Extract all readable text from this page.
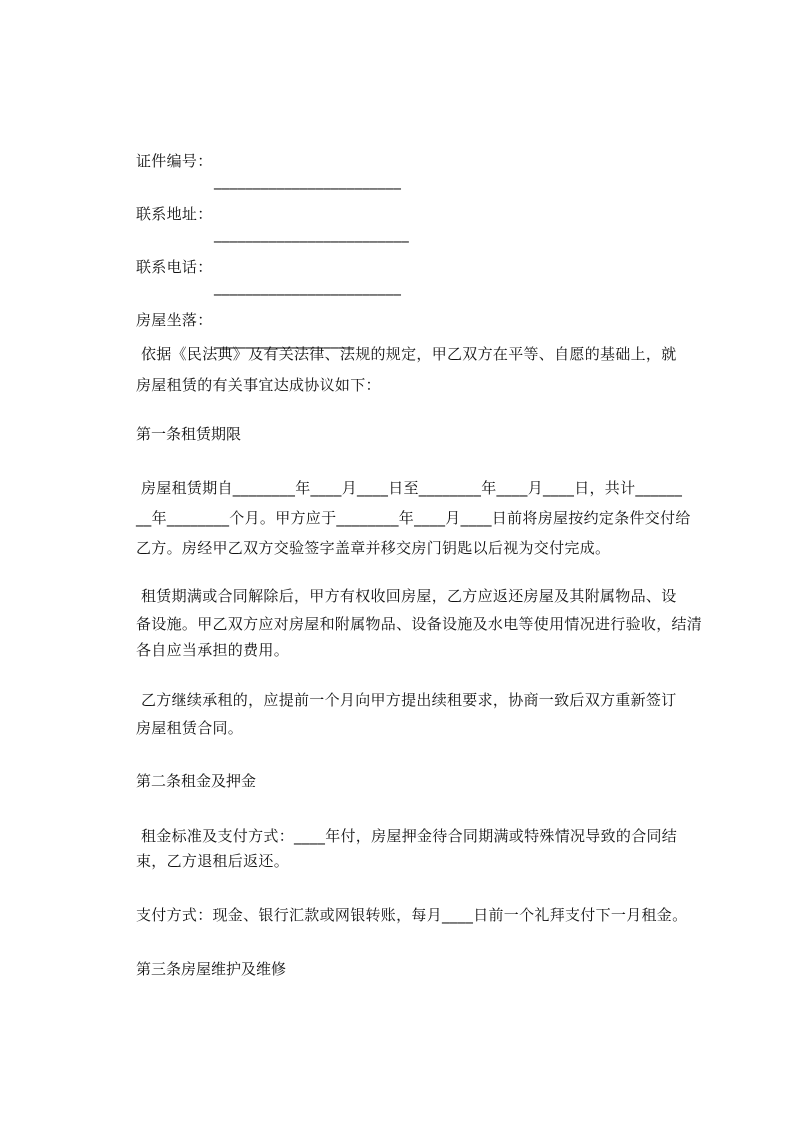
证件编号：

________________________

联系地址：

_________________________

联系电话：

________________________

房屋坐落：

__________________

依据《民法典》及有关法律、法规的规定，甲乙双方在平等、自愿的基础上，就
房屋租赁的有关事宜达成协议如下：
第一条租赁期限
房屋租赁期自________年____月____日至________年____月____日，共计______
__年________个月。甲方应于________年____月____日前将房屋按约定条件交付给
乙方。房经甲乙双方交验签字盖章并移交房门钥匙以后视为交付完成。
租赁期满或合同解除后，甲方有权收回房屋，乙方应返还房屋及其附属物品、设
备设施。甲乙双方应对房屋和附属物品、设备设施及水电等使用情况进行验收，结清
各自应当承担的费用。
乙方继续承租的，应提前一个月向甲方提出续租要求，协商一致后双方重新签订
房屋租赁合同。
第二条租金及押金
租金标准及支付方式：____年付，房屋押金待合同期满或特殊情况导致的合同结
束，乙方退租后返还。
支付方式：现金、银行汇款或网银转账，每月____日前一个礼拜支付下一月租金。
第三条房屋维护及维修
